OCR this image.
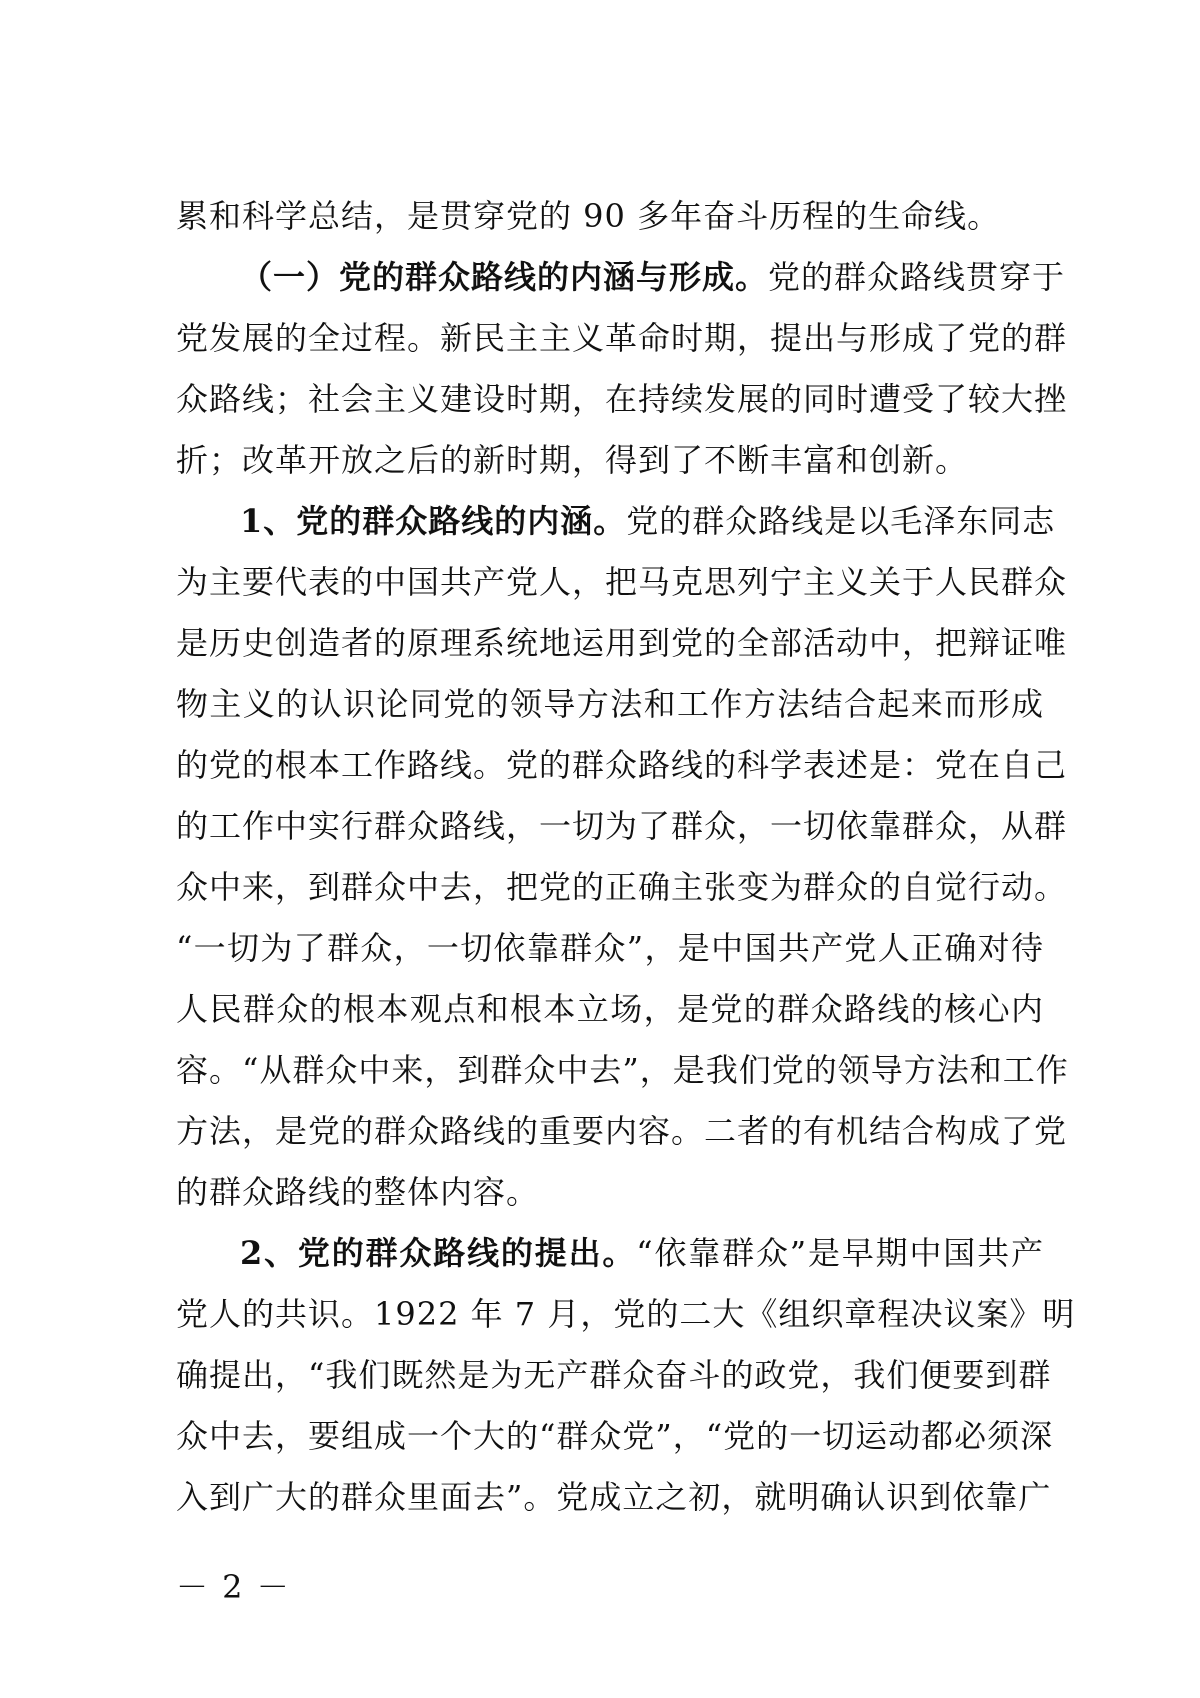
累和科学总结，是贯穿党的 90 多年奋斗历程的生命线。
（一）党的群众路线的内涵与形成。党的群众路线贯穿于
党发展的全过程。新民主主义革命时期，提出与形成了党的群
众路线；社会主义建设时期，在持续发展的同时遭受了较大挫
折；改革开放之后的新时期，得到了不断丰富和创新。
1、党的群众路线的内涵。党的群众路线是以毛泽东同志
为主要代表的中国共产党人，把马克思列宁主义关于人民群众
是历史创造者的原理系统地运用到党的全部活动中，把辩证唯
物主义的认识论同党的领导方法和工作方法结合起来而形成
的党的根本工作路线。党的群众路线的科学表述是：党在自己
的工作中实行群众路线，一切为了群众，一切依靠群众，从群
众中来，到群众中去，把党的正确主张变为群众的自觉行动。
“一切为了群众，一切依靠群众”，是中国共产党人正确对待
人民群众的根本观点和根本立场，是党的群众路线的核心内
容。“从群众中来，到群众中去”，是我们党的领导方法和工作
方法，是党的群众路线的重要内容。二者的有机结合构成了党
的群众路线的整体内容。
2、党的群众路线的提出。“依靠群众”是早期中国共产
党人的共识。1922 年 7 月，党的二大《组织章程决议案》明
确提出，“我们既然是为无产群众奋斗的政党，我们便要到群
众中去，要组成一个大的“群众党”，“党的一切运动都必须深
入到广大的群众里面去”。党成立之初，就明确认识到依靠广
－ 2 －
